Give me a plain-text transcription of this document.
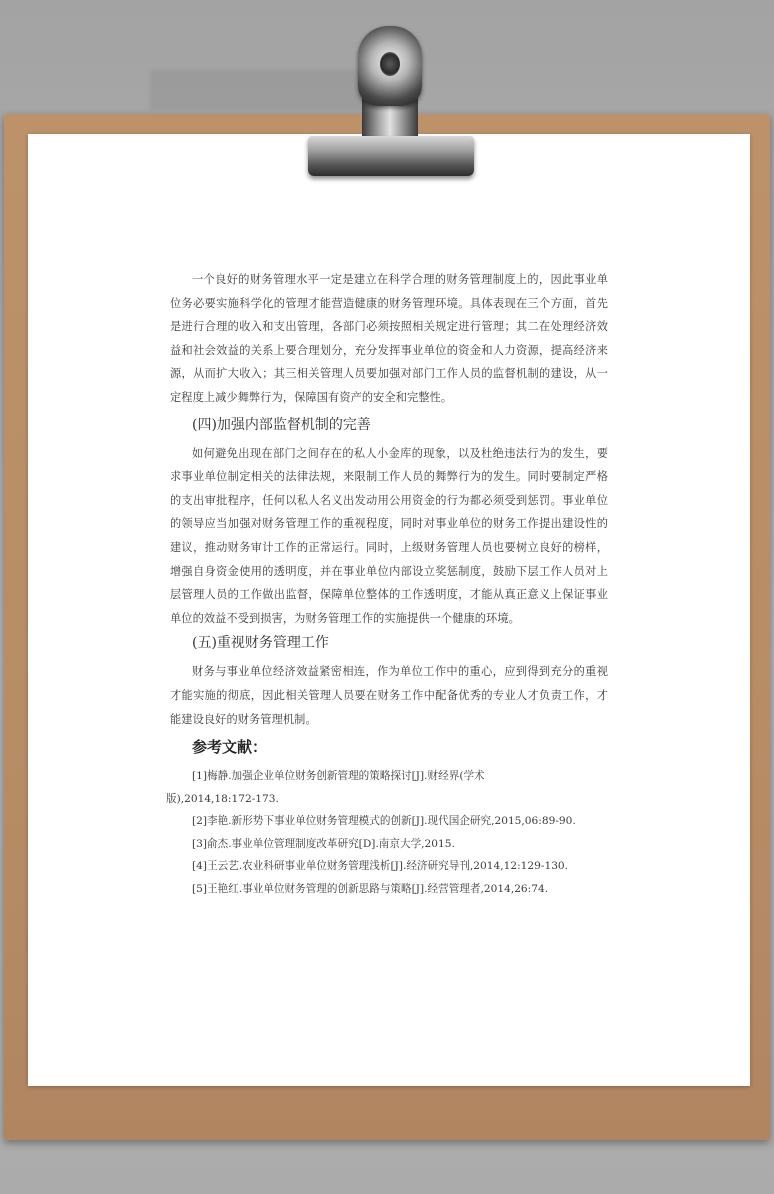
一个良好的财务管理水平一定是建立在科学合理的财务管理制度上的，因此事业单位务必要实施科学化的管理才能营造健康的财务管理环境。具体表现在三个方面，首先是进行合理的收入和支出管理，各部门必须按照相关规定进行管理；其二在处理经济效益和社会效益的关系上要合理划分，充分发挥事业单位的资金和人力资源，提高经济来源，从而扩大收入；其三相关管理人员要加强对部门工作人员的监督机制的建设，从一定程度上减少舞弊行为，保障国有资产的安全和完整性。

(四)加强内部监督机制的完善

如何避免出现在部门之间存在的私人小金库的现象，以及杜绝违法行为的发生，要求事业单位制定相关的法律法规，来限制工作人员的舞弊行为的发生。同时要制定严格的支出审批程序，任何以私人名义出发动用公用资金的行为都必须受到惩罚。事业单位的领导应当加强对财务管理工作的重视程度，同时对事业单位的财务工作提出建设性的建议，推动财务审计工作的正常运行。同时，上级财务管理人员也要树立良好的榜样，增强自身资金使用的透明度，并在事业单位内部设立奖惩制度，鼓励下层工作人员对上层管理人员的工作做出监督，保障单位整体的工作透明度，才能从真正意义上保证事业单位的效益不受到损害，为财务管理工作的实施提供一个健康的环境。

(五)重视财务管理工作

财务与事业单位经济效益紧密相连，作为单位工作中的重心，应到得到充分的重视才能实施的彻底，因此相关管理人员要在财务工作中配备优秀的专业人才负责工作，才能建设良好的财务管理机制。

参考文献：

[1]梅静.加强企业单位财务创新管理的策略探讨[J].财经界(学术
版),2014,18:172-173.
[2]李艳.新形势下事业单位财务管理模式的创新[J].现代国企研究,2015,06:89-90.
[3]俞杰.事业单位管理制度改革研究[D].南京大学,2015.
[4]王云艺.农业科研事业单位财务管理浅析[J].经济研究导刊,2014,12:129-130.
[5]王艳红.事业单位财务管理的创新思路与策略[J].经营管理者,2014,26:74.
